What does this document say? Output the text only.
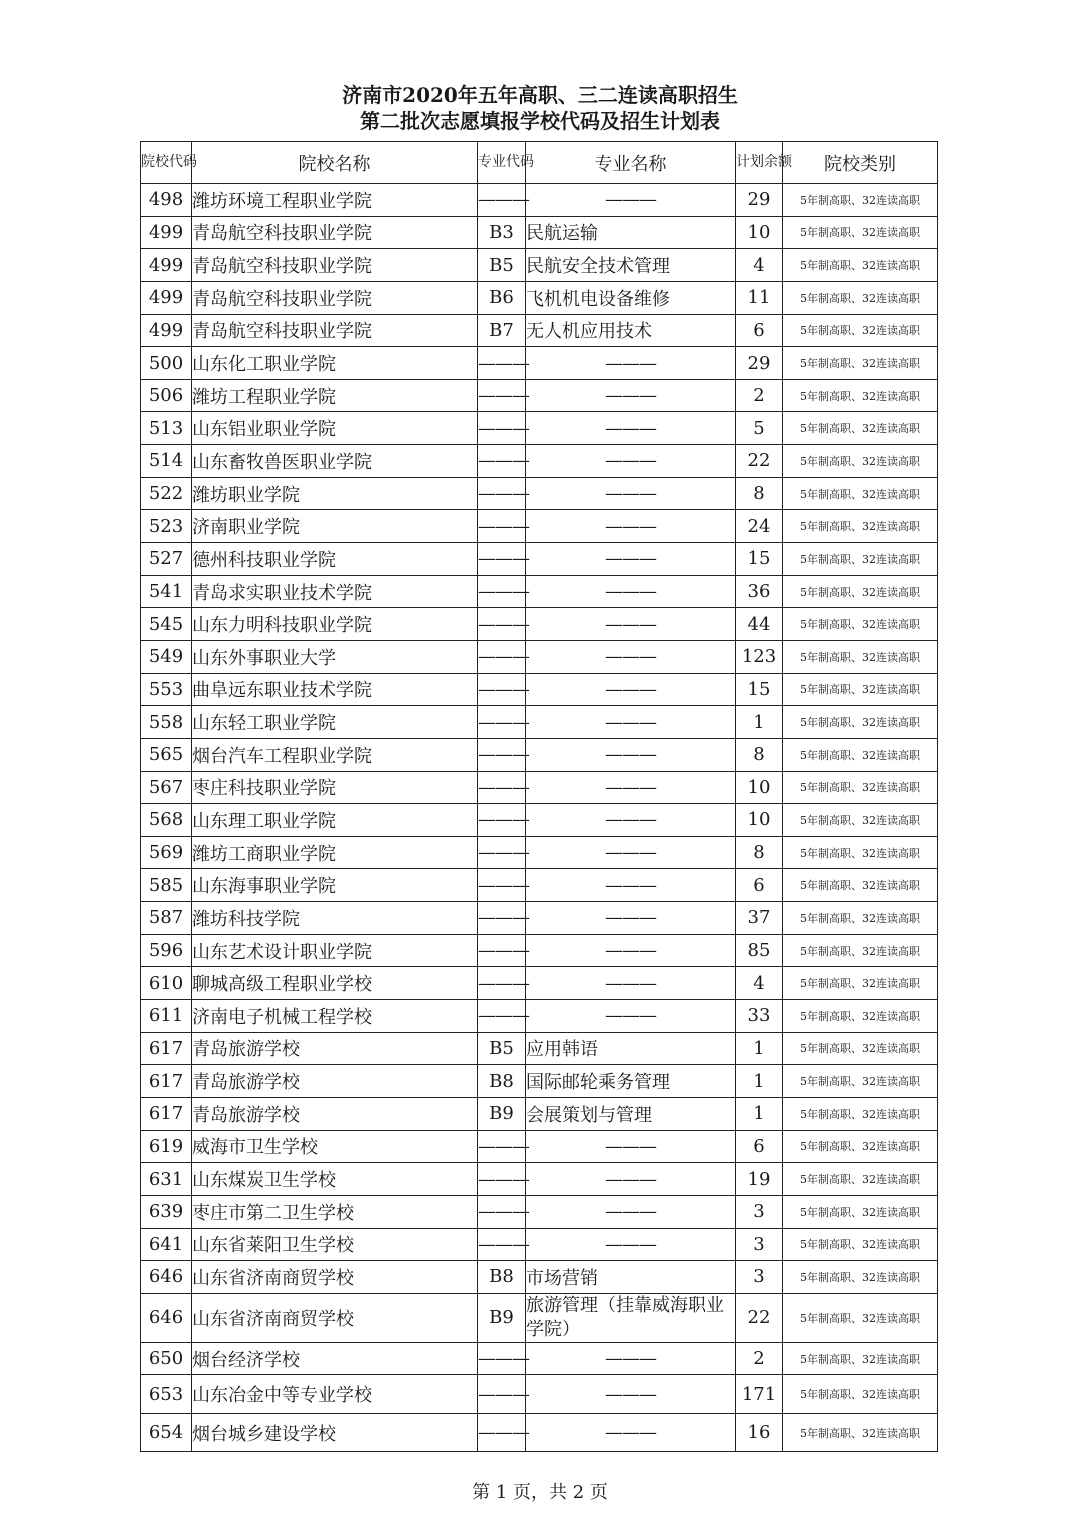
济南市2020年五年高职、三二连读高职招生
第二批次志愿填报学校代码及招生计划表
院校代码	院校名称	专业代码	专业名称	计划余额	院校类别
498	潍坊环境工程职业学院	———	———	29	5年制高职、32连读高职
499	青岛航空科技职业学院	B3	民航运输	10	5年制高职、32连读高职
499	青岛航空科技职业学院	B5	民航安全技术管理	4	5年制高职、32连读高职
499	青岛航空科技职业学院	B6	飞机机电设备维修	11	5年制高职、32连读高职
499	青岛航空科技职业学院	B7	无人机应用技术	6	5年制高职、32连读高职
500	山东化工职业学院	———	———	29	5年制高职、32连读高职
506	潍坊工程职业学院	———	———	2	5年制高职、32连读高职
513	山东铝业职业学院	———	———	5	5年制高职、32连读高职
514	山东畜牧兽医职业学院	———	———	22	5年制高职、32连读高职
522	潍坊职业学院	———	———	8	5年制高职、32连读高职
523	济南职业学院	———	———	24	5年制高职、32连读高职
527	德州科技职业学院	———	———	15	5年制高职、32连读高职
541	青岛求实职业技术学院	———	———	36	5年制高职、32连读高职
545	山东力明科技职业学院	———	———	44	5年制高职、32连读高职
549	山东外事职业大学	———	———	123	5年制高职、32连读高职
553	曲阜远东职业技术学院	———	———	15	5年制高职、32连读高职
558	山东轻工职业学院	———	———	1	5年制高职、32连读高职
565	烟台汽车工程职业学院	———	———	8	5年制高职、32连读高职
567	枣庄科技职业学院	———	———	10	5年制高职、32连读高职
568	山东理工职业学院	———	———	10	5年制高职、32连读高职
569	潍坊工商职业学院	———	———	8	5年制高职、32连读高职
585	山东海事职业学院	———	———	6	5年制高职、32连读高职
587	潍坊科技学院	———	———	37	5年制高职、32连读高职
596	山东艺术设计职业学院	———	———	85	5年制高职、32连读高职
610	聊城高级工程职业学校	———	———	4	5年制高职、32连读高职
611	济南电子机械工程学校	———	———	33	5年制高职、32连读高职
617	青岛旅游学校	B5	应用韩语	1	5年制高职、32连读高职
617	青岛旅游学校	B8	国际邮轮乘务管理	1	5年制高职、32连读高职
617	青岛旅游学校	B9	会展策划与管理	1	5年制高职、32连读高职
619	威海市卫生学校	———	———	6	5年制高职、32连读高职
631	山东煤炭卫生学校	———	———	19	5年制高职、32连读高职
639	枣庄市第二卫生学校	———	———	3	5年制高职、32连读高职
641	山东省莱阳卫生学校	———	———	3	5年制高职、32连读高职
646	山东省济南商贸学校	B8	市场营销	3	5年制高职、32连读高职
646	山东省济南商贸学校	B9	旅游管理（挂靠威海职业学院）	22	5年制高职、32连读高职
650	烟台经济学校	———	———	2	5年制高职、32连读高职
653	山东冶金中等专业学校	———	———	171	5年制高职、32连读高职
654	烟台城乡建设学校	———	———	16	5年制高职、32连读高职
第 1 页，共 2 页
